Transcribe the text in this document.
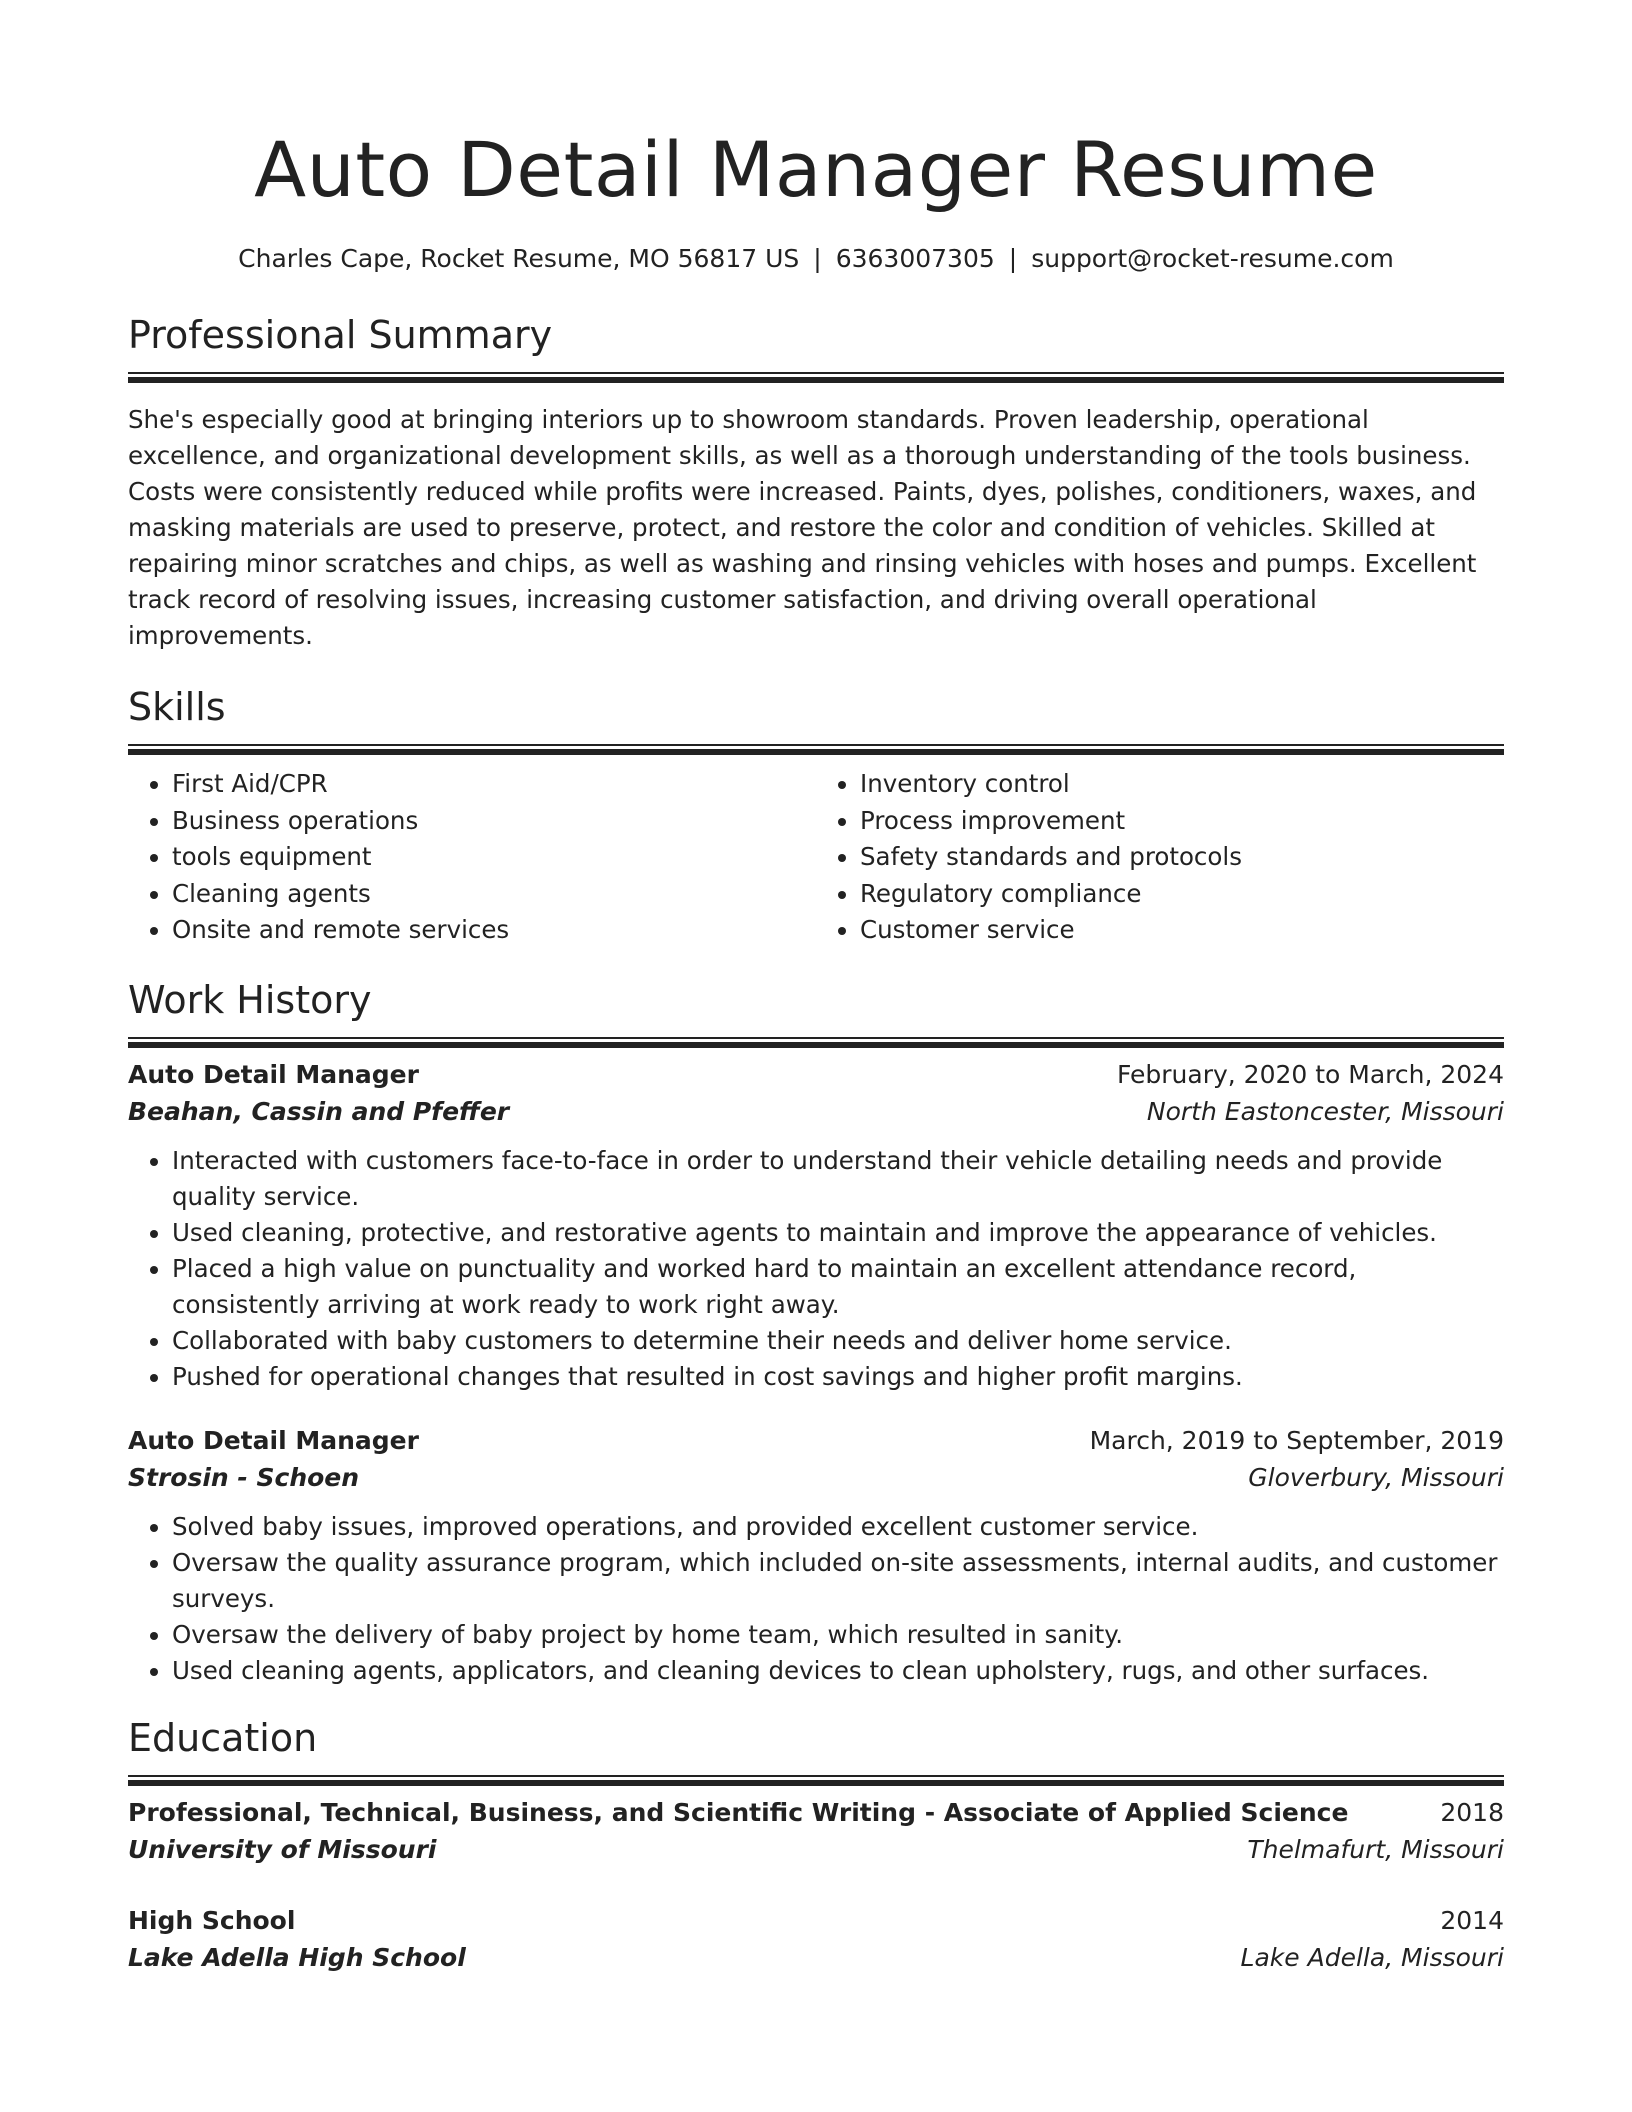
Auto Detail Manager Resume
Charles Cape, Rocket Resume, MO 56817 US | 6363007305 | support@rocket-resume.com
Professional Summary
She's especially good at bringing interiors up to showroom standards. Proven leadership, operational excellence, and organizational development skills, as well as a thorough understanding of the tools business. Costs were consistently reduced while profits were increased. Paints, dyes, polishes, conditioners, waxes, and masking materials are used to preserve, protect, and restore the color and condition of vehicles. Skilled at repairing minor scratches and chips, as well as washing and rinsing vehicles with hoses and pumps. Excellent track record of resolving issues, increasing customer satisfaction, and driving overall operational improvements.
Skills
• First Aid/CPR
• Business operations
• tools equipment
• Cleaning agents
• Onsite and remote services
• Inventory control
• Process improvement
• Safety standards and protocols
• Regulatory compliance
• Customer service
Work History
Auto Detail Manager	February, 2020 to March, 2024
Beahan, Cassin and Pfeffer	North Eastoncester, Missouri
• Interacted with customers face-to-face in order to understand their vehicle detailing needs and provide quality service.
• Used cleaning, protective, and restorative agents to maintain and improve the appearance of vehicles.
• Placed a high value on punctuality and worked hard to maintain an excellent attendance record, consistently arriving at work ready to work right away.
• Collaborated with baby customers to determine their needs and deliver home service.
• Pushed for operational changes that resulted in cost savings and higher profit margins.
Auto Detail Manager	March, 2019 to September, 2019
Strosin - Schoen	Gloverbury, Missouri
• Solved baby issues, improved operations, and provided excellent customer service.
• Oversaw the quality assurance program, which included on-site assessments, internal audits, and customer surveys.
• Oversaw the delivery of baby project by home team, which resulted in sanity.
• Used cleaning agents, applicators, and cleaning devices to clean upholstery, rugs, and other surfaces.
Education
Professional, Technical, Business, and Scientific Writing - Associate of Applied Science	2018
University of Missouri	Thelmafurt, Missouri
High School	2014
Lake Adella High School	Lake Adella, Missouri
